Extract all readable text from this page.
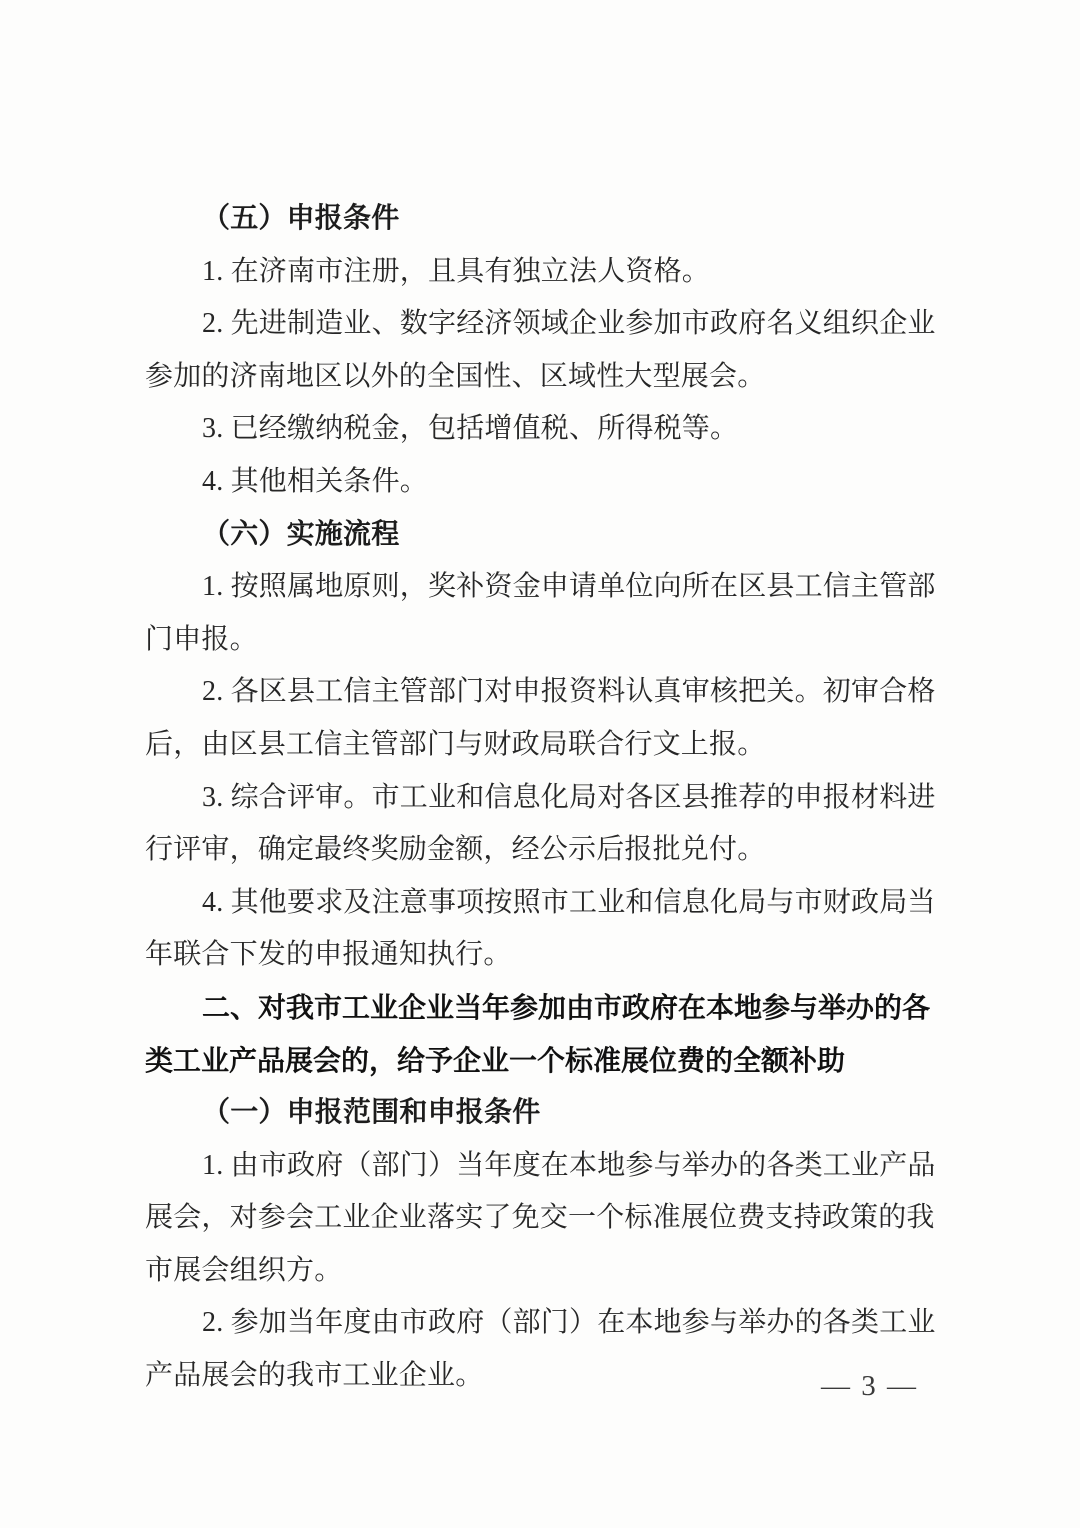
（五）申报条件
1. 在济南市注册，且具有独立法人资格。
2. 先进制造业、数字经济领域企业参加市政府名义组织企业
参加的济南地区以外的全国性、区域性大型展会。
3. 已经缴纳税金，包括增值税、所得税等。
4. 其他相关条件。
（六）实施流程
1. 按照属地原则，奖补资金申请单位向所在区县工信主管部
门申报。
2. 各区县工信主管部门对申报资料认真审核把关。初审合格
后，由区县工信主管部门与财政局联合行文上报。
3. 综合评审。市工业和信息化局对各区县推荐的申报材料进
行评审，确定最终奖励金额，经公示后报批兑付。
4. 其他要求及注意事项按照市工业和信息化局与市财政局当
年联合下发的申报通知执行。
二、对我市工业企业当年参加由市政府在本地参与举办的各
类工业产品展会的，给予企业一个标准展位费的全额补助
（一）申报范围和申报条件
1. 由市政府（部门）当年度在本地参与举办的各类工业产品
展会，对参会工业企业落实了免交一个标准展位费支持政策的我
市展会组织方。
2. 参加当年度由市政府（部门）在本地参与举办的各类工业
产品展会的我市工业企业。	— 3 —
